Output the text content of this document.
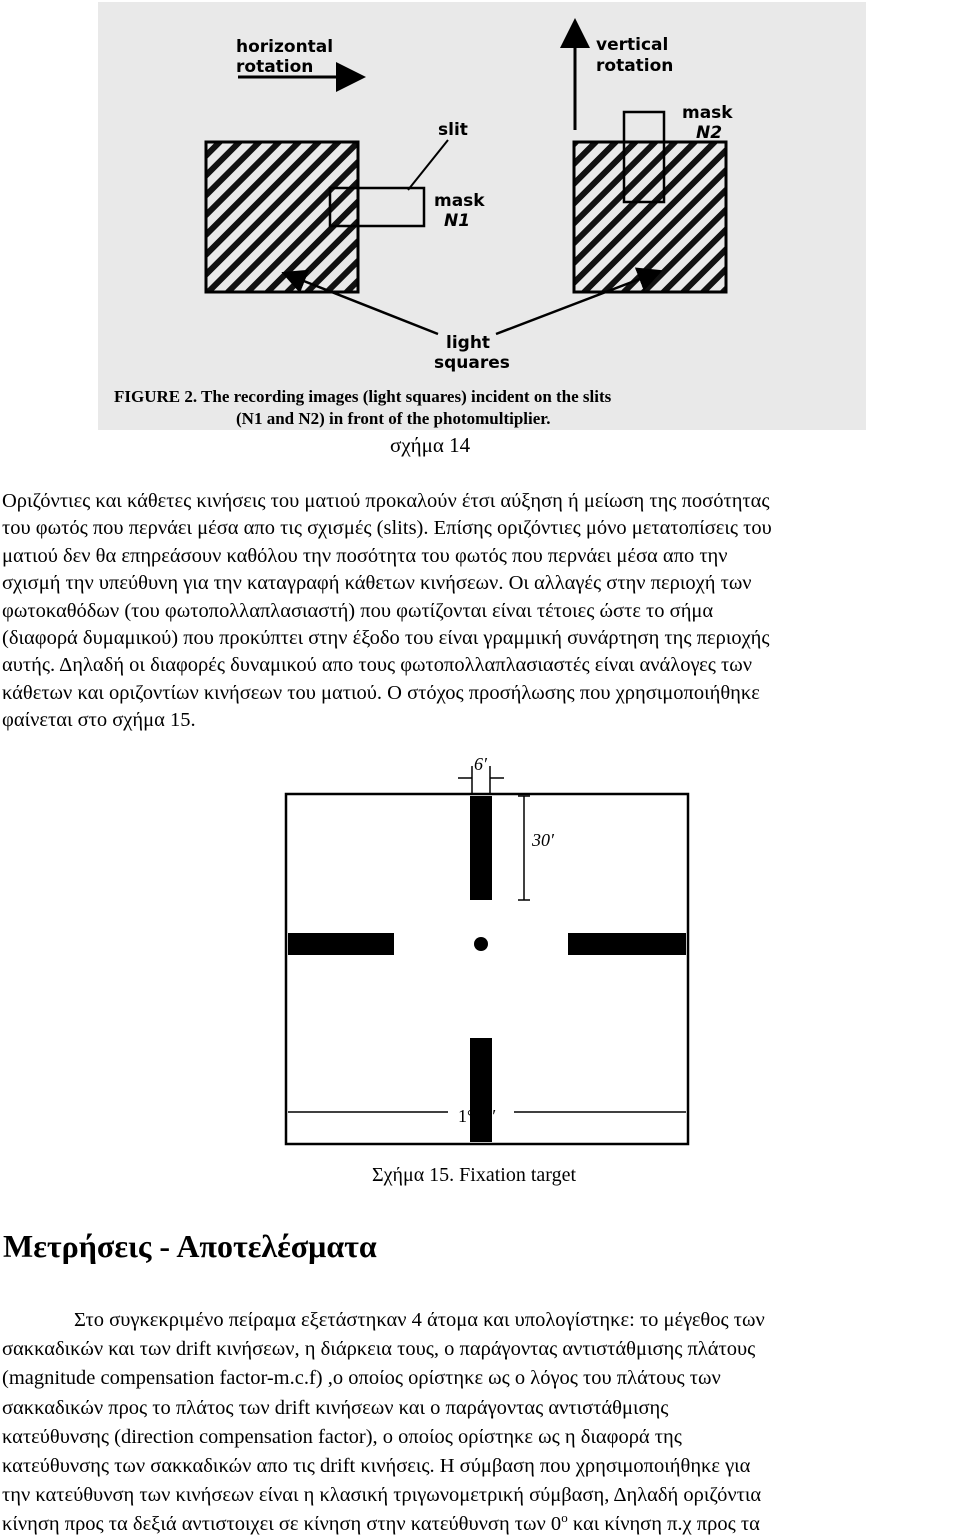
horizontal
rotation
vertical
rotation
slit
mask
N1
mask
N2
light
squares
FIGURE 2. The recording images (light squares) incident on the slits
(N1 and N2) in front of the photomultiplier.
σχήμα 14

Οριζόντιες και κάθετες κινήσεις του ματιού προκαλούν έτσι αύξηση ή μείωση της ποσότητας

του φωτός που περνάει μέσα απο τις σχισμές (slits). Επίσης οριζόντιες μόνο μετατοπίσεις του

ματιού δεν θα επηρεάσουν καθόλου την ποσότητα του φωτός που περνάει μέσα απο την

σχισμή την υπεύθυνη για την καταγραφή κάθετων κινήσεων. Οι αλλαγές στην περιοχή των

φωτοκαθόδων (του φωτοπολλαπλασιαστή) που φωτίζονται είναι τέτοιες ώστε το σήμα

(διαφορά δυμαμικού) που προκύπτει στην έξοδο του είναι γραμμική συνάρτηση της περιοχής

αυτής. Δηλαδή οι διαφορές δυναμικού απο τους φωτοπολλαπλασιαστές είναι ανάλογες των

κάθετων και οριζοντίων κινήσεων του ματιού. Ο στόχος προσήλωσης που χρησιμοποιήθηκε

φαίνεται στο σχήμα 15.

6′
30′
1°40′
Σχήμα 15. Fixation target
Μετρήσεις - Αποτελέσματα

Στο συγκεκριμένο πείραμα εξετάστηκαν 4 άτομα και υπολογίστηκε: το μέγεθος των

σακκαδικών και των drift κινήσεων, η διάρκεια τους, ο παράγοντας αντιστάθμισης πλάτους

(magnitude compensation factor-m.c.f) ,ο οποίος ορίστηκε ως ο λόγος του πλάτους των

σακκαδικών προς το πλάτος των drift κινήσεων και ο παράγοντας αντιστάθμισης

κατεύθυνσης (direction compensation factor), ο οποίος ορίστηκε ως η διαφορά της

κατεύθυνσης των σακκαδικών απο τις drift κινήσεις. Η σύμβαση που χρησιμοποιήθηκε για

την κατεύθυνση των κινήσεων είναι η κλασική τριγωνομετρική σύμβαση, Δηλαδή οριζόντια

κίνηση προς τα δεξιά αντιστοιχει σε κίνηση στην κατεύθυνση των $0^o$ και κίνηση π.χ προς τα
